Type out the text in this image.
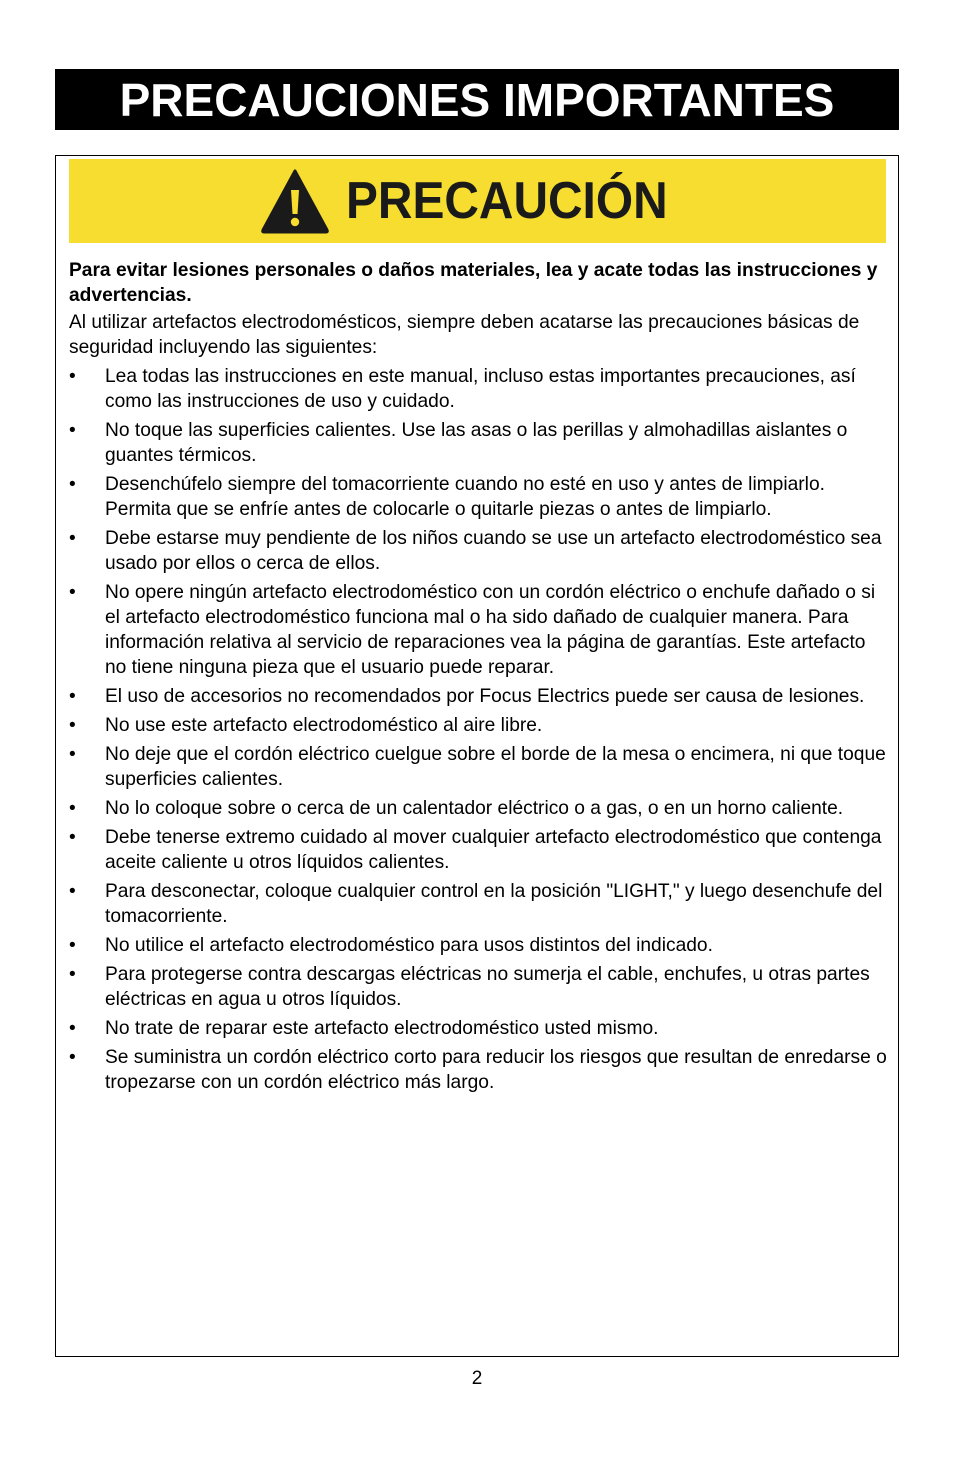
PRECAUCIONES IMPORTANTES
PRECAUCIÓN

Para evitar lesiones personales o daños materiales, lea y acate todas las instrucciones y advertencias.

Al utilizar artefactos electrodomésticos, siempre deben acatarse las precauciones básicas de seguridad incluyendo las siguientes:

•	Lea todas las instrucciones en este manual, incluso estas importantes precauciones, así como las instrucciones de uso y cuidado.
•	No toque las superficies calientes. Use las asas o las perillas y almohadillas aislantes o guantes térmicos.
•	Desenchúfelo siempre del tomacorriente cuando no esté en uso y antes de limpiarlo. Permita que se enfríe antes de colocarle o quitarle piezas o antes de limpiarlo.
•	Debe estarse muy pendiente de los niños cuando se use un artefacto electrodoméstico sea usado por ellos o cerca de ellos.
•	No opere ningún artefacto electrodoméstico con un cordón eléctrico o enchufe dañado o si el artefacto electrodoméstico funciona mal o ha sido dañado de cualquier manera. Para información relativa al servicio de reparaciones vea la página de garantías. Este artefacto no tiene ninguna pieza que el usuario puede reparar.
•	El uso de accesorios no recomendados por Focus Electrics puede ser causa de lesiones.
•	No use este artefacto electrodoméstico al aire libre.
•	No deje que el cordón eléctrico cuelgue sobre el borde de la mesa o encimera, ni que toque superficies calientes.
•	No lo coloque sobre o cerca de un calentador eléctrico o a gas, o en un horno caliente.
•	Debe tenerse extremo cuidado al mover cualquier artefacto electrodoméstico que contenga aceite caliente u otros líquidos calientes.
•	Para desconectar, coloque cualquier control en la posición "LIGHT," y luego desenchufe del tomacorriente.
•	No utilice el artefacto electrodoméstico para usos distintos del indicado.
•	Para protegerse contra descargas eléctricas no sumerja el cable, enchufes, u otras partes eléctricas en agua u otros líquidos.
•	No trate de reparar este artefacto electrodoméstico usted mismo.
•	Se suministra un cordón eléctrico corto para reducir los riesgos que resultan de enredarse o tropezarse con un cordón eléctrico más largo.
2
